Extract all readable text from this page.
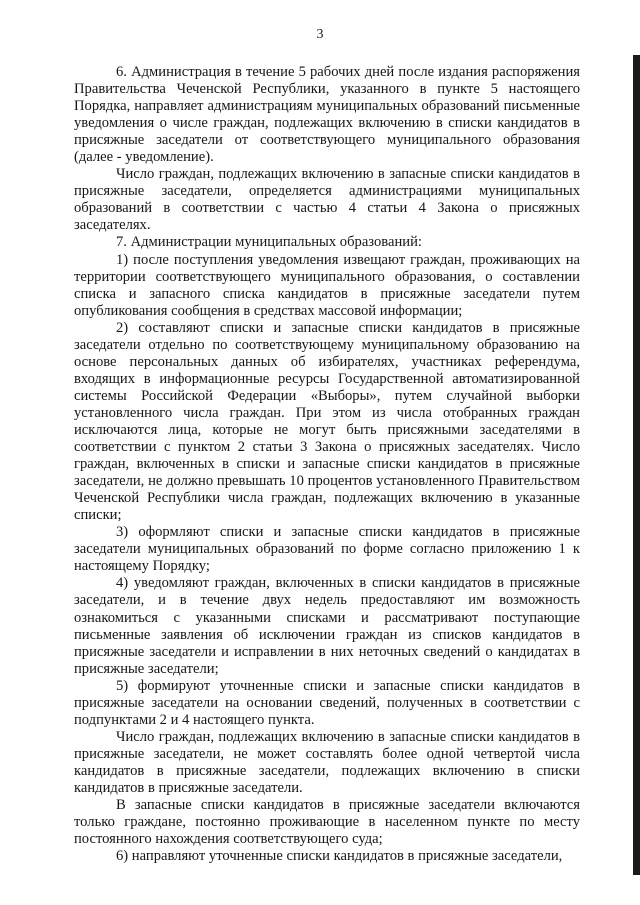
3

6. Администрация в течение 5 рабочих дней после издания распоряжения Правительства Чеченской Республики, указанного в пункте 5 настоящего Порядка, направляет администрациям муниципальных образований письменные уведомления о числе граждан, подлежащих включению в списки кандидатов в присяжные заседатели от соответствующего муниципального образования (далее - уведомление).

Число граждан, подлежащих включению в запасные списки кандидатов в присяжные заседатели, определяется администрациями муниципальных образований в соответствии с частью 4 статьи 4 Закона о присяжных заседателях.

7. Администрации муниципальных образований:

1) после поступления уведомления извещают граждан, проживающих на территории соответствующего муниципального образования, о составлении списка и запасного списка кандидатов в присяжные заседатели путем опубликования сообщения в средствах массовой информации;

2) составляют списки и запасные списки кандидатов в присяжные заседатели отдельно по соответствующему муниципальному образованию на основе персональных данных об избирателях, участниках референдума, входящих в информационные ресурсы Государственной автоматизированной системы Российской Федерации «Выборы», путем случайной выборки установленного числа граждан. При этом из числа отобранных граждан исключаются лица, которые не могут быть присяжными заседателями в соответствии с пунктом 2 статьи 3 Закона о присяжных заседателях. Число граждан, включенных в списки и запасные списки кандидатов в присяжные заседатели, не должно превышать 10 процентов установленного Правительством Чеченской Республики числа граждан, подлежащих включению в указанные списки;

3) оформляют списки и запасные списки кандидатов в присяжные заседатели муниципальных образований по форме согласно приложению 1 к настоящему Порядку;

4) уведомляют граждан, включенных в списки кандидатов в присяжные заседатели, и в течение двух недель предоставляют им возможность ознакомиться с указанными списками и рассматривают поступающие письменные заявления об исключении граждан из списков кандидатов в присяжные заседатели и исправлении в них неточных сведений о кандидатах в присяжные заседатели;

5) формируют уточненные списки и запасные списки кандидатов в присяжные заседатели на основании сведений, полученных в соответствии с подпунктами 2 и 4 настоящего пункта.

Число граждан, подлежащих включению в запасные списки кандидатов в присяжные заседатели, не может составлять более одной четвертой числа кандидатов в присяжные заседатели, подлежащих включению в списки кандидатов в присяжные заседатели.

В запасные списки кандидатов в присяжные заседатели включаются только граждане, постоянно проживающие в населенном пункте по месту постоянного нахождения соответствующего суда;

6) направляют уточненные списки кандидатов в присяжные заседатели,
